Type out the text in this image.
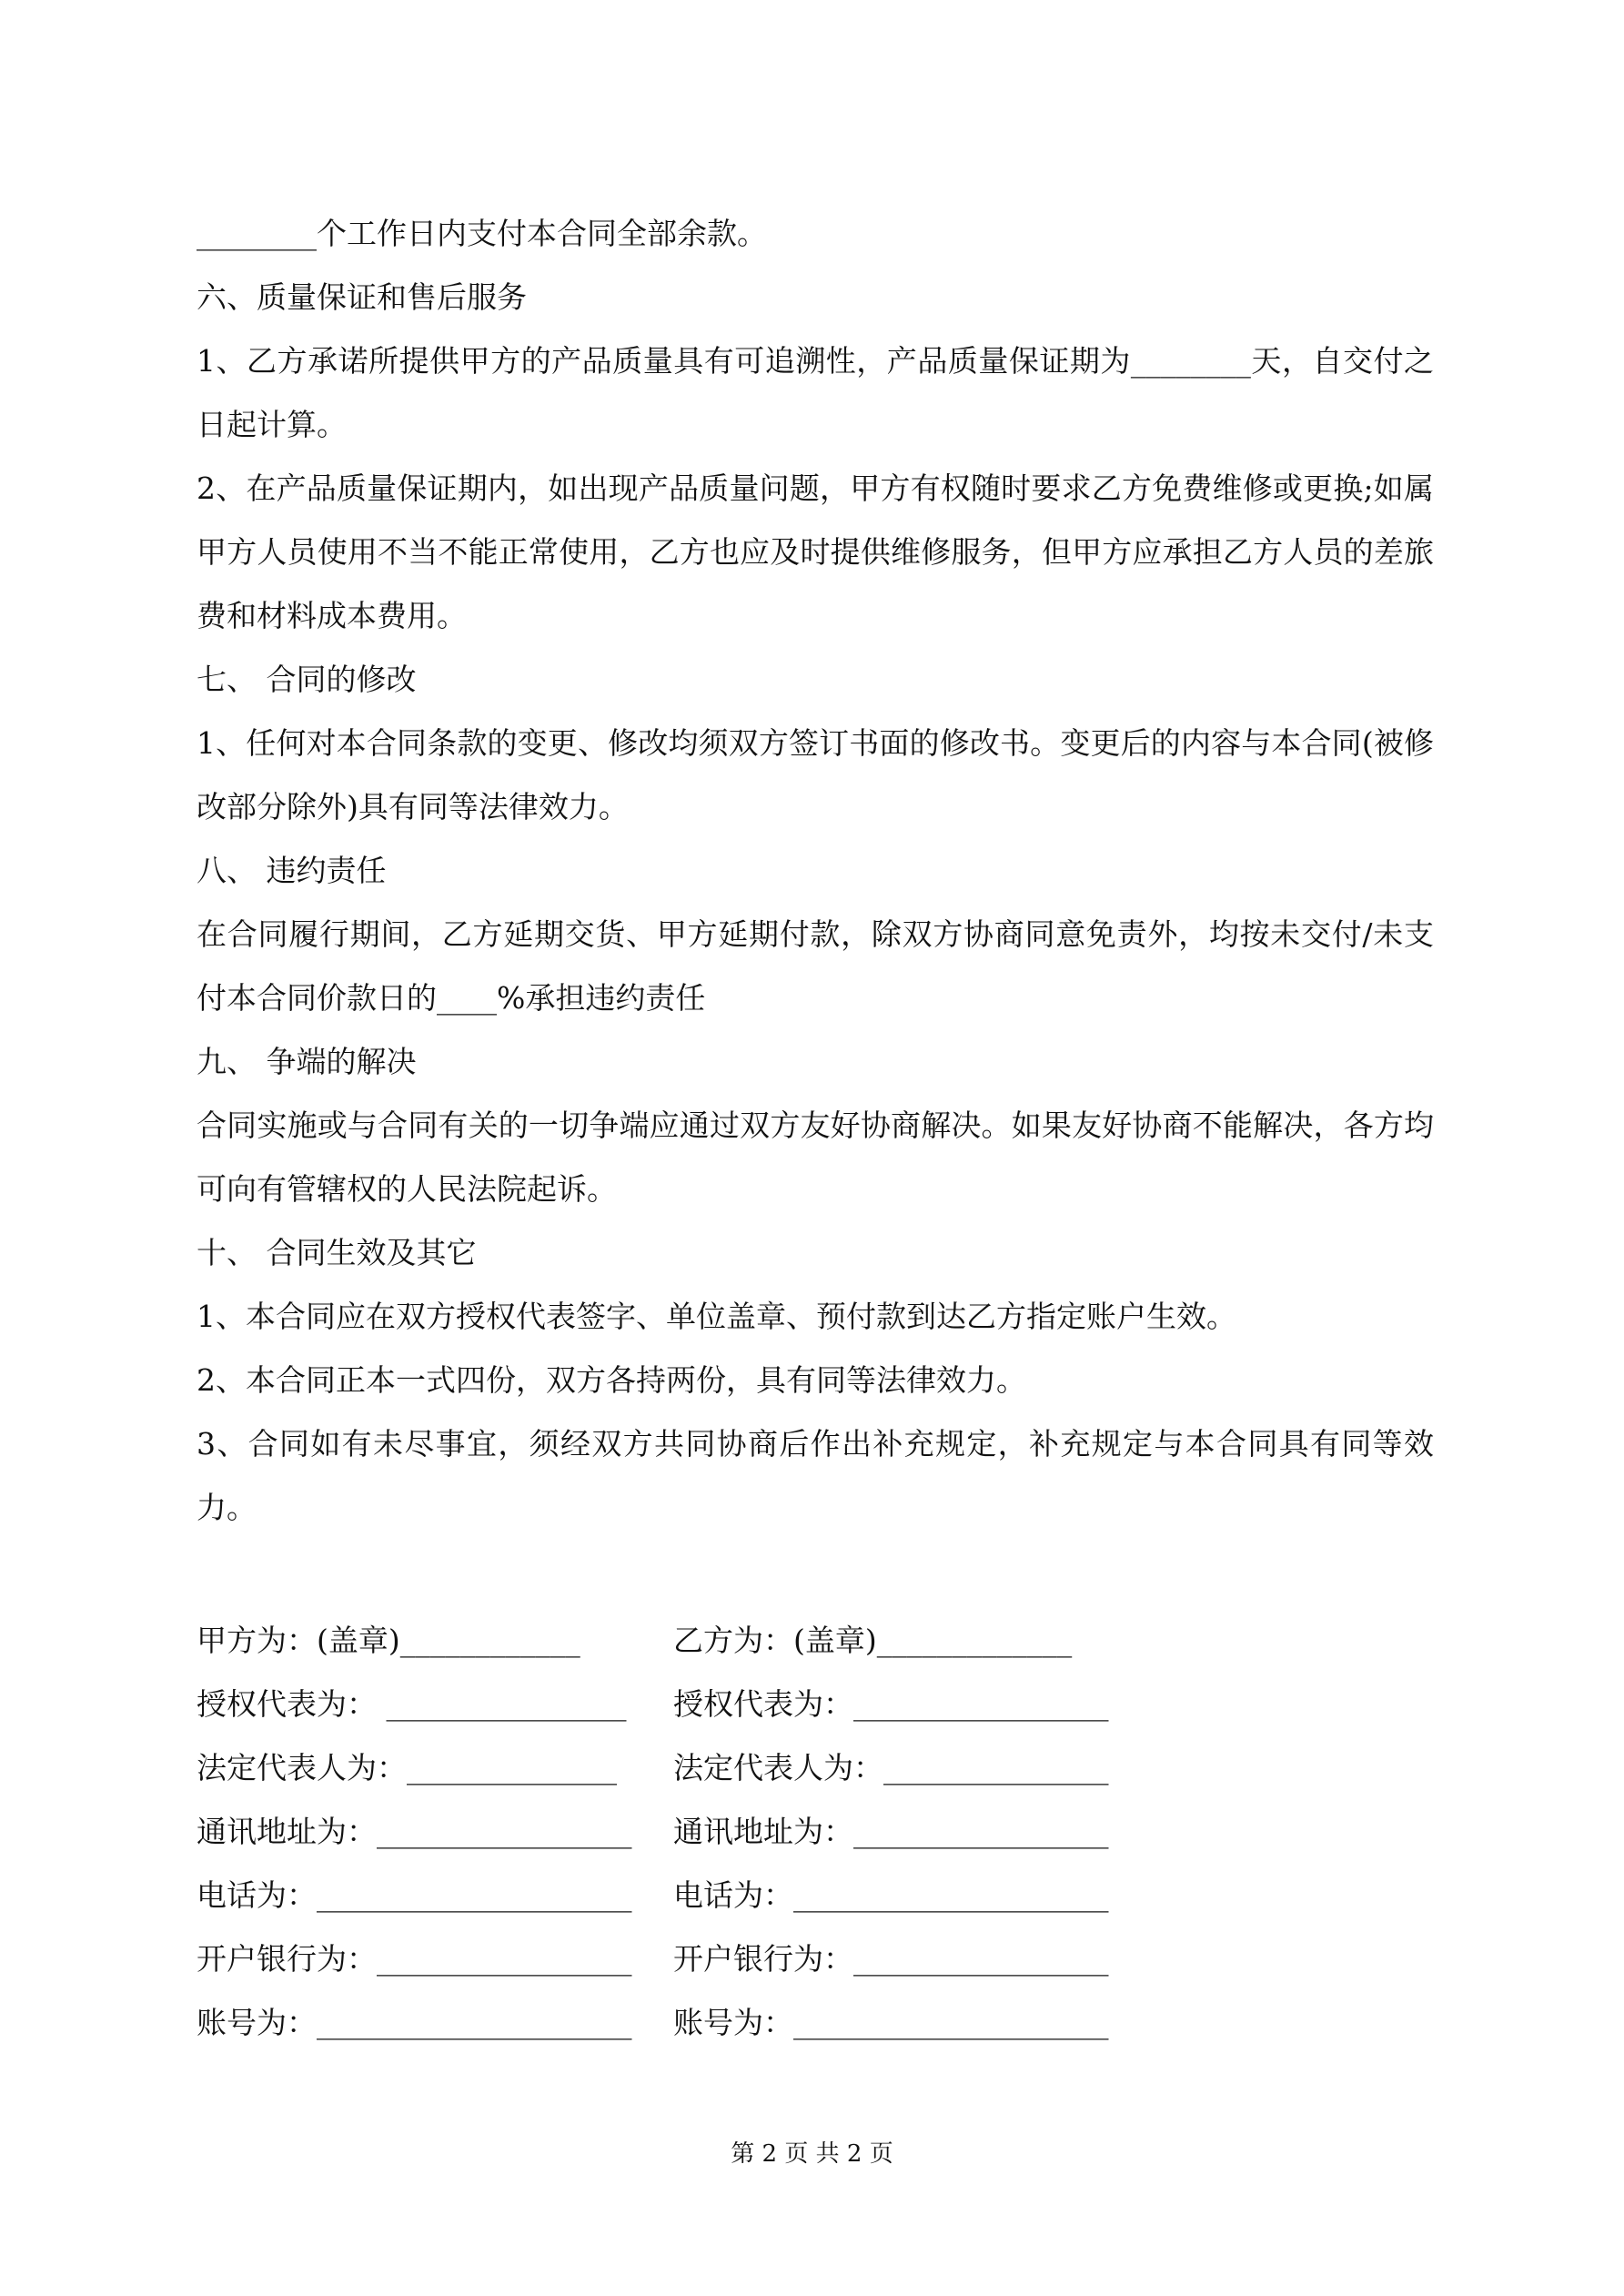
________个工作日内支付本合同全部余款。

六、质量保证和售后服务

1、乙方承诺所提供甲方的产品质量具有可追溯性，产品质量保证期为________天，自交付之日起计算。

2、在产品质量保证期内，如出现产品质量问题，甲方有权随时要求乙方免费维修或更换;如属甲方人员使用不当不能正常使用，乙方也应及时提供维修服务，但甲方应承担乙方人员的差旅费和材料成本费用。

七、 合同的修改

1、任何对本合同条款的变更、修改均须双方签订书面的修改书。变更后的内容与本合同(被修改部分除外)具有同等法律效力。

八、 违约责任

在合同履行期间，乙方延期交货、甲方延期付款，除双方协商同意免责外，均按未交付/未支付本合同价款日的____%承担违约责任

九、 争端的解决

合同实施或与合同有关的一切争端应通过双方友好协商解决。如果友好协商不能解决，各方均可向有管辖权的人民法院起诉。

十、 合同生效及其它

1、本合同应在双方授权代表签字、单位盖章、预付款到达乙方指定账户生效。

2、本合同正本一式四份，双方各持两份，具有同等法律效力。

3、合同如有未尽事宜，须经双方共同协商后作出补充规定，补充规定与本合同具有同等效力。

甲方为：(盖章)____________	乙方为：(盖章)_____________
授权代表为： ________________ 授权代表为：_________________
法定代表人为：______________ 法定代表人为：_______________
通讯地址为：_________________ 通讯地址为：_________________
电话为：_____________________ 电话为：_____________________
开户银行为：_________________ 开户银行为：_________________
账号为：_____________________ 账号为：_____________________
第 2 页 共 2 页
